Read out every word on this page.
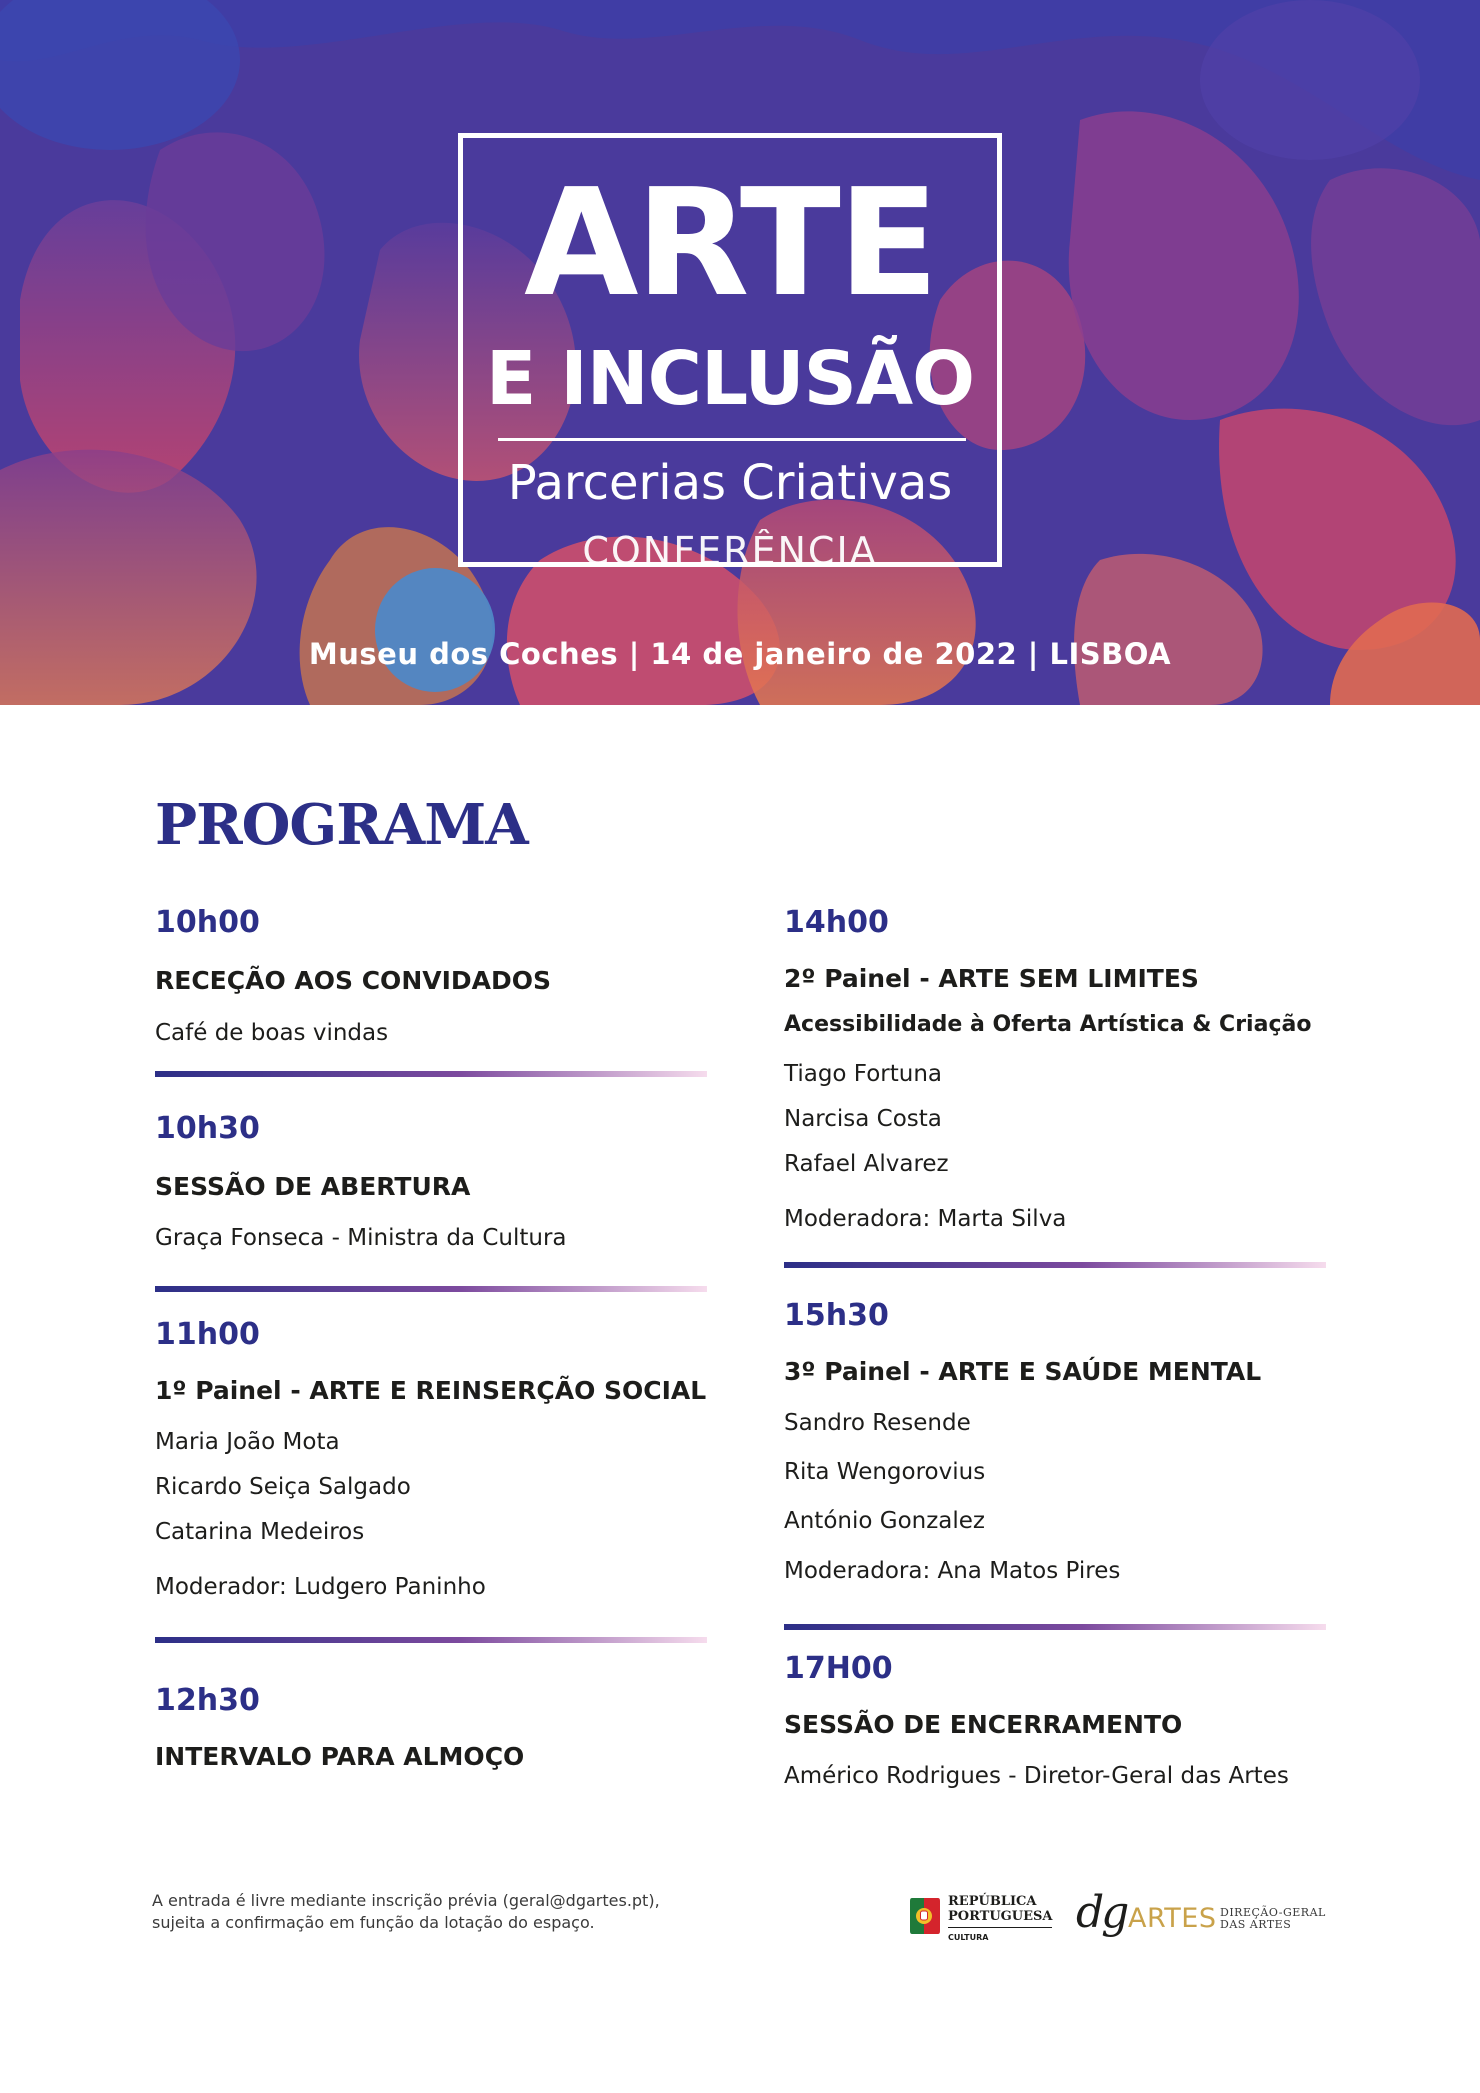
ARTE
E INCLUSÃO
Parcerias Criativas
CONFERÊNCIA
Museu dos Coches | 14 de janeiro de 2022 | LISBOA
PROGRAMA
10h00
RECEÇÃO AOS CONVIDADOS
Café de boas vindas
10h30
SESSÃO DE ABERTURA
Graça Fonseca - Ministra da Cultura
11h00
1º Painel - ARTE E REINSERÇÃO SOCIAL
Maria João Mota
Ricardo Seiça Salgado
Catarina Medeiros
Moderador: Ludgero Paninho
12h30
INTERVALO PARA ALMOÇO
14h00
2º Painel - ARTE SEM LIMITES
Acessibilidade à Oferta Artística & Criação
Tiago Fortuna
Narcisa Costa
Rafael Alvarez
Moderadora: Marta Silva
15h30
3º Painel - ARTE E SAÚDE MENTAL
Sandro Resende
Rita Wengorovius
António Gonzalez
Moderadora: Ana Matos Pires
17H00
SESSÃO DE ENCERRAMENTO
Américo Rodrigues - Diretor-Geral das Artes
A entrada é livre mediante inscrição prévia (geral@dgartes.pt),
sujeita a confirmação em função da lotação do espaço.
REPÚBLICA
PORTUGUESA
CULTURA dg ARTES DIREÇÃO-GERAL
DAS ARTES
